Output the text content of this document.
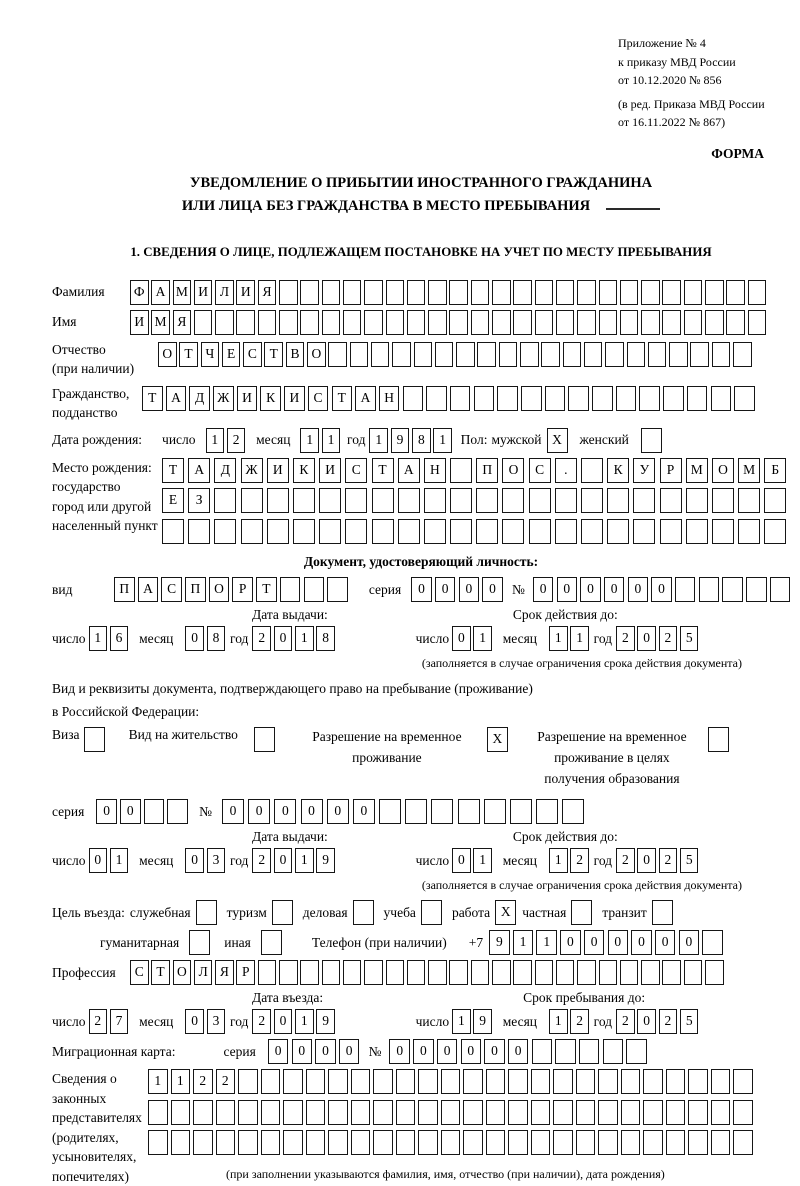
Приложение № 4
к приказу МВД России
от 10.12.2020 № 856
(в ред. Приказа МВД России
от 16.11.2022 № 867)
ФОРМА
УВЕДОМЛЕНИЕ О ПРИБЫТИИ ИНОСТРАННОГО ГРАЖДАНИНА
ИЛИ ЛИЦА БЕЗ ГРАЖДАНСТВА В МЕСТО ПРЕБЫВАНИЯ
1. СВЕДЕНИЯ О ЛИЦЕ, ПОДЛЕЖАЩЕМ ПОСТАНОВКЕ НА УЧЕТ ПО МЕСТУ ПРЕБЫВАНИЯ
Фамилия	Ф А М И Л И Я
Имя	И М Я
Отчество
(при наличии)
О Т Ч Е С Т В О
Гражданство,
подданство
Т А Д Ж И К И С Т А Н
Дата рождения: число	1 2	месяц	1 1 год 1 9 8 1	Пол: мужской X	женский
Место рождения:
государство
город или другой
населенный пункт
Т А Д Ж И К И С Т А Н	П О С .	К У Р М О М Б
Е З
Документ, удостоверяющий личность:
вид	П А С П О Р Т	серия	0 0 0 0	№	0 0 0 0 0 0
Дата выдачи:	Срок действия до:
число 1 6	месяц	0 8 год 2 0 1 8	число 0 1	месяц	1 1 год 2 0 2 5
(заполняется в случае ограничения срока действия документа)
Вид и реквизиты документа, подтверждающего право на пребывание (проживание)
в Российской Федерации:
Виза	Вид на жительство	Разрешение на временное
проживание
X	Разрешение на временное
проживание в целях
получения образования
серия	0 0	№	0 0 0 0 0 0
Дата выдачи:	Срок действия до:
число 0 1	месяц	0 3 год 2 0 1 9	число 0 1	месяц	1 2 год 2 0 2 5
(заполняется в случае ограничения срока действия документа)
Цель въезда: служебная	туризм	деловая	учеба	работа X частная	транзит
гуманитарная	иная	Телефон (при наличии) +7 9 1 1 0 0 0 0 0 0
Профессия	С Т О Л Я Р
Дата въезда:	Срок пребывания до:
число 2 7	месяц	0 3 год 2 0 1 9	число 1 9	месяц	1 2 год 2 0 2 5
Миграционная карта:	серия	0 0 0 0	№	0 0 0 0 0 0
Сведения о
законных
представителях
(родителях,
усыновителях,
попечителях)
1 1 2 2
(при заполнении указываются фамилия, имя, отчество (при наличии), дата рождения)
